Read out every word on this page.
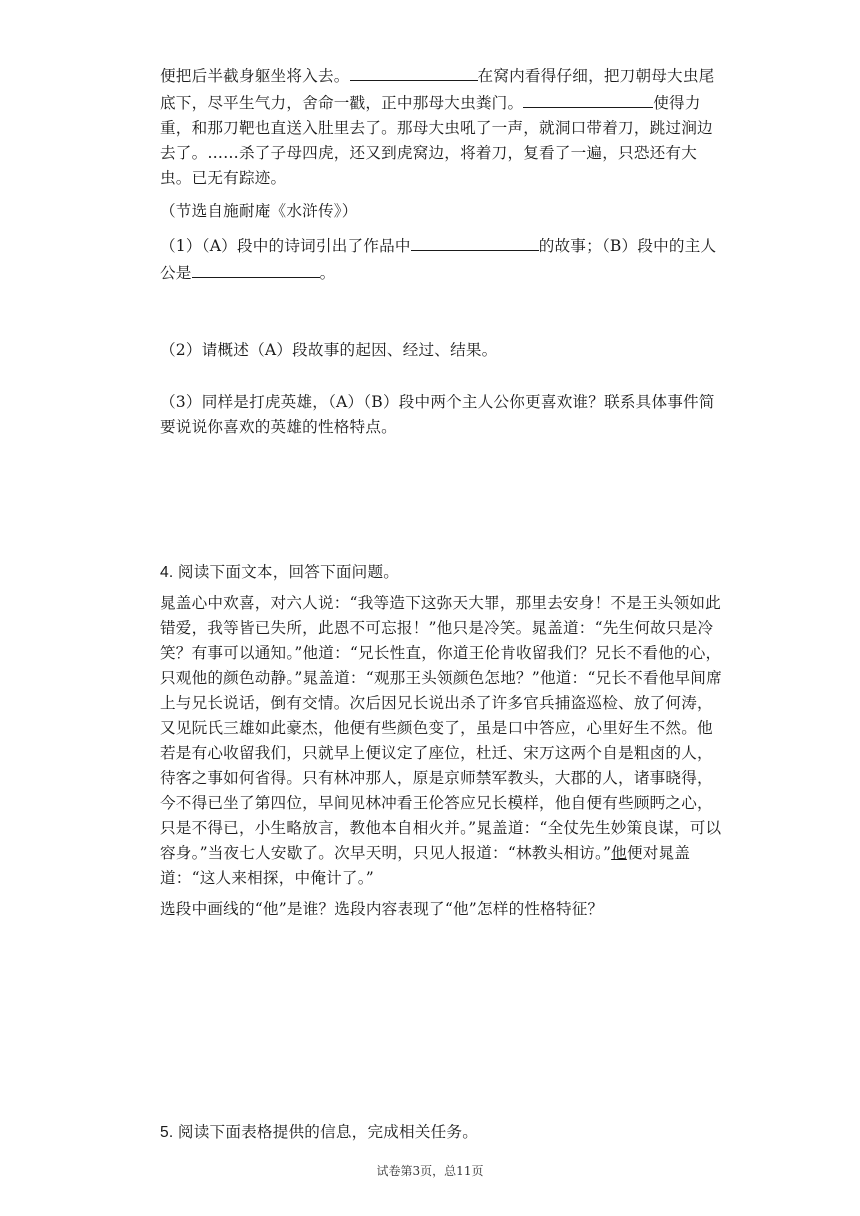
便把后半截身躯坐将入去。	在窝内看得仔细，把刀朝母大虫尾底下，尽平生气力，舍命一戳，正中那母大虫粪门。	使得力重，和那刀靶也直送入肚里去了。那母大虫吼了一声，就洞口带着刀，跳过涧边去了。……杀了子母四虎，还又到虎窝边，将着刀，复看了一遍，只恐还有大虫。已无有踪迹。

（节选自施耐庵《水浒传》）

（1）（A）段中的诗词引出了作品中	的故事；（B）段中的主人公是	。

（2）请概述（A）段故事的起因、经过、结果。

（3）同样是打虎英雄，（A）（B）段中两个主人公你更喜欢谁？联系具体事件简要说说你喜欢的英雄的性格特点。

4. 阅读下面文本，回答下面问题。

晁盖心中欢喜，对六人说：“我等造下这弥天大罪，那里去安身！不是王头领如此错爱，我等皆已失所，此恩不可忘报！”他只是冷笑。晁盖道：“先生何故只是冷笑？有事可以通知。”他道：“兄长性直，你道王伦肯收留我们？兄长不看他的心，只观他的颜色动静。”晁盖道：“观那王头领颜色怎地？”他道：“兄长不看他早间席上与兄长说话，倒有交情。次后因兄长说出杀了许多官兵捕盗巡检、放了何涛，又见阮氏三雄如此豪杰，他便有些颜色变了，虽是口中答应，心里好生不然。他若是有心收留我们，只就早上便议定了座位，杜迁、宋万这两个自是粗卤的人，待客之事如何省得。只有林冲那人，原是京师禁军教头，大郡的人，诸事晓得，今不得已坐了第四位，早间见林冲看王伦答应兄长模样，他自便有些顾眄之心，只是不得已，小生略放言，教他本自相火并。”晁盖道：“全仗先生妙策良谋，可以容身。”当夜七人安歇了。次早天明，只见人报道：“林教头相访。”他便对晁盖道：“这人来相探，中俺计了。”

选段中画线的“他”是谁？选段内容表现了“他”怎样的性格特征？

5. 阅读下面表格提供的信息，完成相关任务。

试卷第3页，总11页
